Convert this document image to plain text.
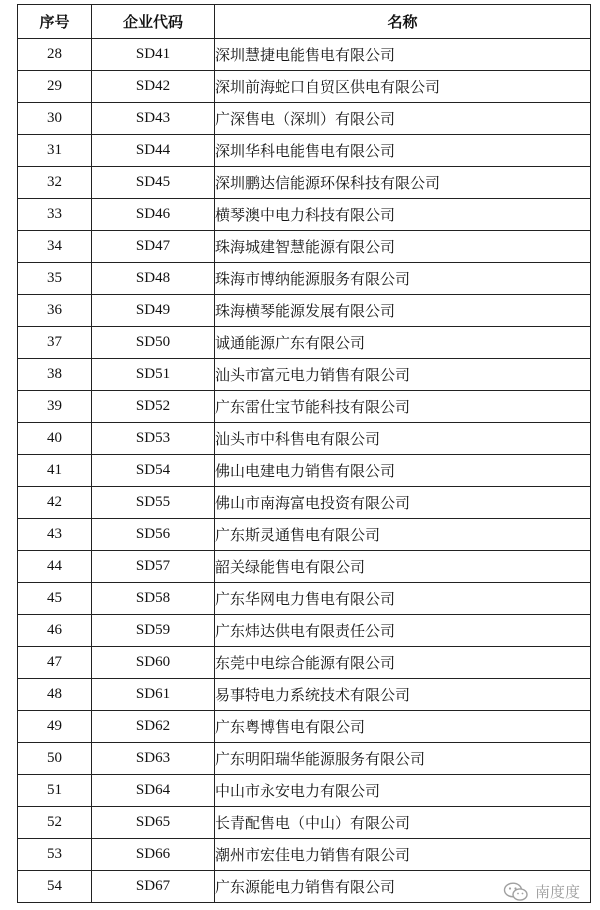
序号	企业代码	名称
28	SD41	深圳慧捷电能售电有限公司
29	SD42	深圳前海蛇口自贸区供电有限公司
30	SD43	广深售电（深圳）有限公司
31	SD44	深圳华科电能售电有限公司
32	SD45	深圳鹏达信能源环保科技有限公司
33	SD46	横琴澳中电力科技有限公司
34	SD47	珠海城建智慧能源有限公司
35	SD48	珠海市博纳能源服务有限公司
36	SD49	珠海横琴能源发展有限公司
37	SD50	诚通能源广东有限公司
38	SD51	汕头市富元电力销售有限公司
39	SD52	广东雷仕宝节能科技有限公司
40	SD53	汕头市中科售电有限公司
41	SD54	佛山电建电力销售有限公司
42	SD55	佛山市南海富电投资有限公司
43	SD56	广东斯灵通售电有限公司
44	SD57	韶关绿能售电有限公司
45	SD58	广东华网电力售电有限公司
46	SD59	广东炜达供电有限责任公司
47	SD60	东莞中电综合能源有限公司
48	SD61	易事特电力系统技术有限公司
49	SD62	广东粤博售电有限公司
50	SD63	广东明阳瑞华能源服务有限公司
51	SD64	中山市永安电力有限公司
52	SD65	长青配售电（中山）有限公司
53	SD66	潮州市宏佳电力销售有限公司
54	SD67	广东源能电力销售有限公司	南度度
